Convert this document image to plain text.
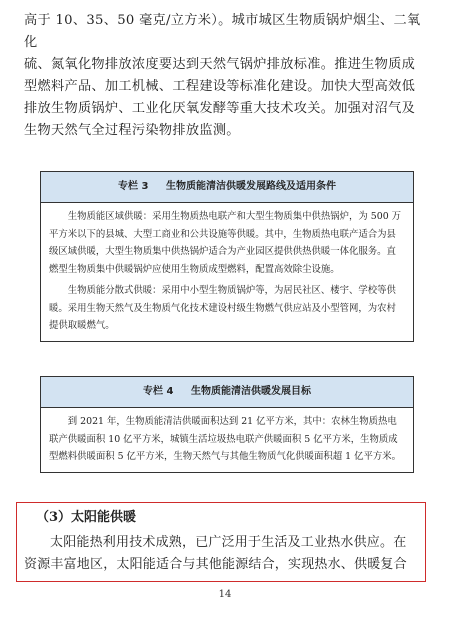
高于 10、35、50 毫克/立方米）。城市城区生物质锅炉烟尘、二氧化

硫、氮氧化物排放浓度要达到天然气锅炉排放标准。推进生物质成

型燃料产品、加工机械、工程建设等标准化建设。加快大型高效低

排放生物质锅炉、工业化厌氧发酵等重大技术攻关。加强对沼气及

生物天然气全过程污染物排放监测。

专栏 3 生物质能清洁供暖发展路线及适用条件

生物质能区域供暖：采用生物质热电联产和大型生物质集中供热锅炉，为 500 万平方米以下的县城、大型工商业和公共设施等供暖。其中，生物质热电联产适合为县级区域供暖，大型生物质集中供热锅炉适合为产业园区提供供热供暖一体化服务。直燃型生物质集中供暖锅炉应使用生物质成型燃料，配置高效除尘设施。

生物质能分散式供暖：采用中小型生物质锅炉等，为居民社区、楼宇、学校等供暖。采用生物天然气及生物质气化技术建设村级生物燃气供应站及小型管网，为农村提供取暖燃气。

专栏 4 生物质能清洁供暖发展目标

到 2021 年，生物质能清洁供暖面积达到 21 亿平方米，其中：农林生物质热电联产供暖面积 10 亿平方米，城镇生活垃圾热电联产供暖面积 5 亿平方米，生物质成型燃料供暖面积 5 亿平方米，生物天然气与其他生物质气化供暖面积超 1 亿平方米。

（3）太阳能供暖

太阳能热利用技术成熟，已广泛用于生活及工业热水供应。在

资源丰富地区，太阳能适合与其他能源结合，实现热水、供暖复合

14
